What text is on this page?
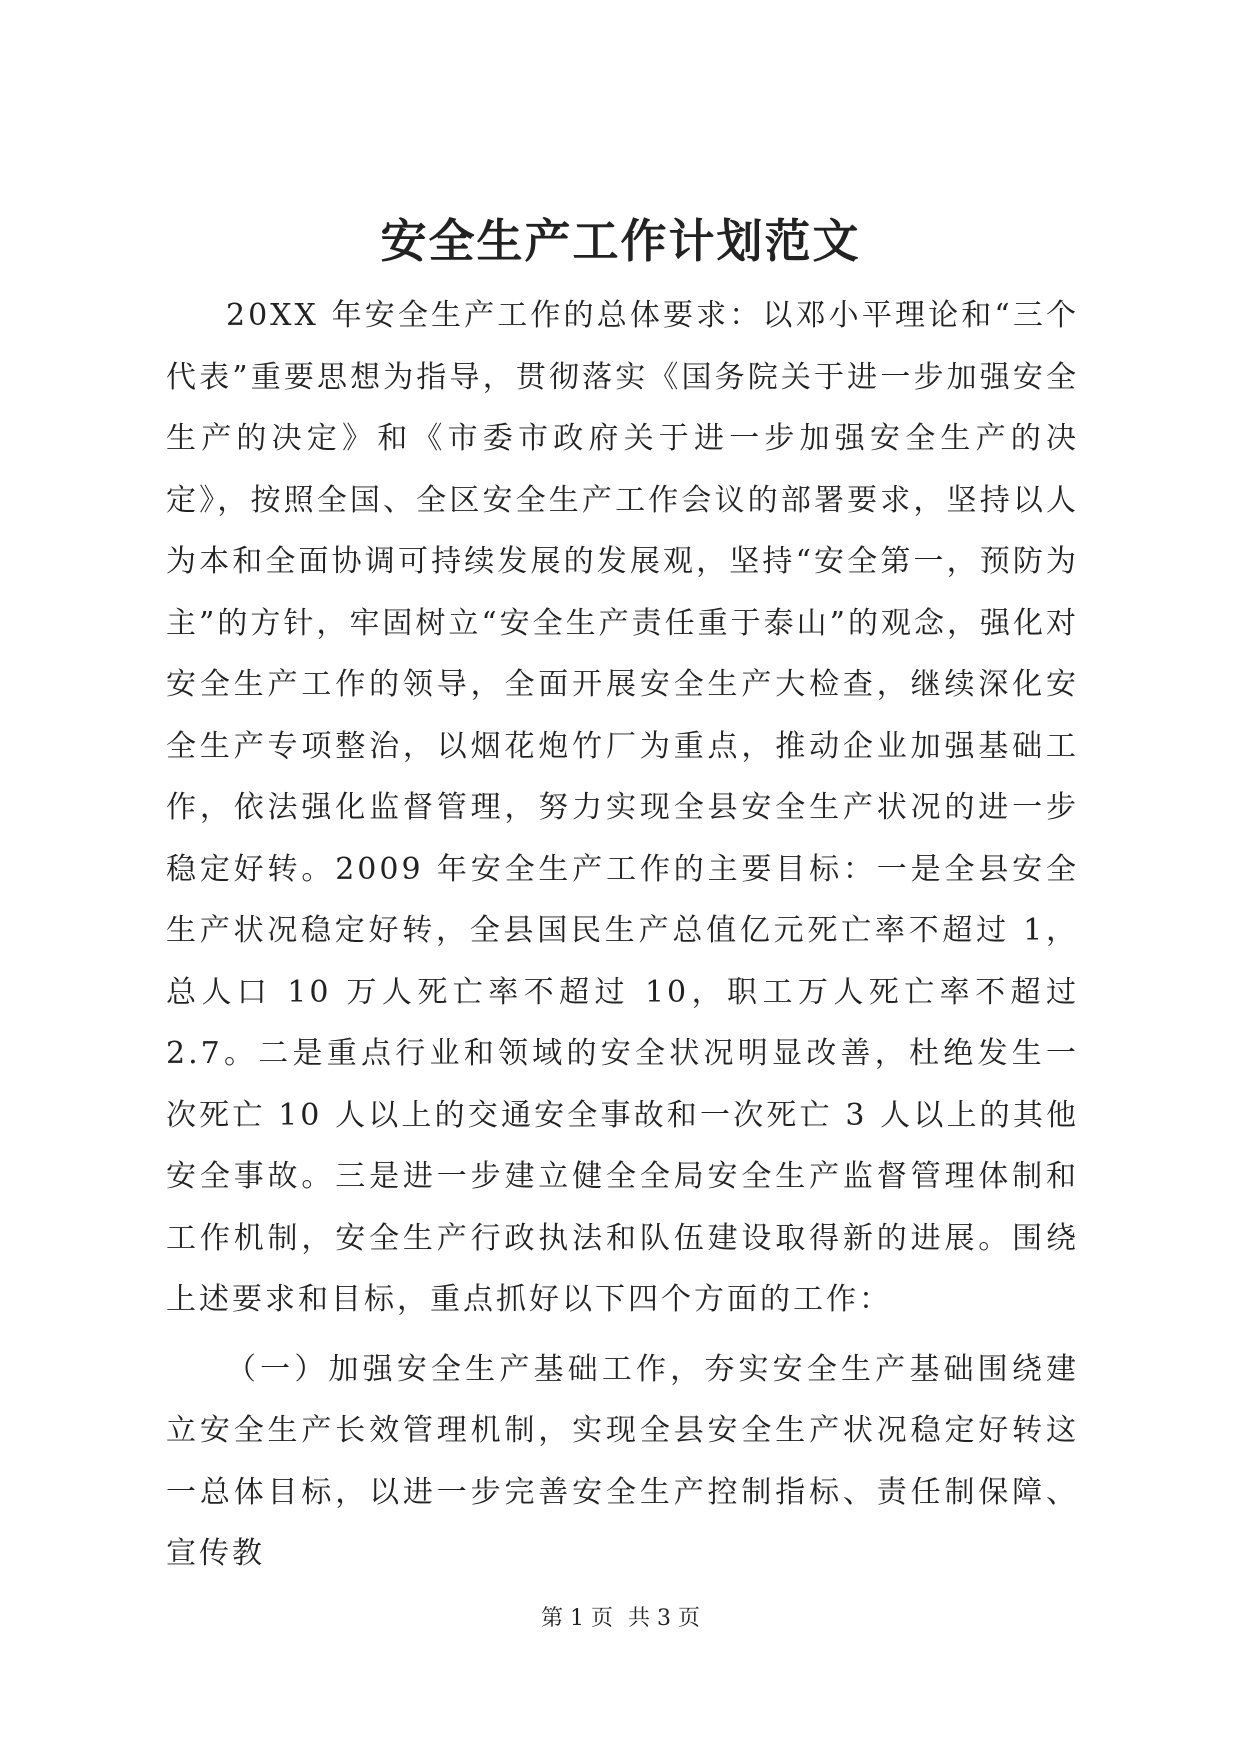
安全生产工作计划范文

20XX 年安全生产工作的总体要求：以邓小平理论和“三个代表”重要思想为指导，贯彻落实《国务院关于进一步加强安全生产的决定》和《市委市政府关于进一步加强安全生产的决定》，按照全国、全区安全生产工作会议的部署要求，坚持以人为本和全面协调可持续发展的发展观，坚持“安全第一，预防为主”的方针，牢固树立“安全生产责任重于泰山”的观念，强化对安全生产工作的领导，全面开展安全生产大检查，继续深化安全生产专项整治，以烟花炮竹厂为重点，推动企业加强基础工作，依法强化监督管理，努力实现全县安全生产状况的进一步稳定好转。2009 年安全生产工作的主要目标：一是全县安全生产状况稳定好转，全县国民生产总值亿元死亡率不超过 1，总人口 10 万人死亡率不超过 10，职工万人死亡率不超过 2.7。二是重点行业和领域的安全状况明显改善，杜绝发生一次死亡 10 人以上的交通安全事故和一次死亡 3 人以上的其他安全事故。三是进一步建立健全全局安全生产监督管理体制和工作机制，安全生产行政执法和队伍建设取得新的进展。围绕上述要求和目标，重点抓好以下四个方面的工作：

（一）加强安全生产基础工作，夯实安全生产基础围绕建立安全生产长效管理机制，实现全县安全生产状况稳定好转这一总体目标，以进一步完善安全生产控制指标、责任制保障、宣传教

第 1 页 共 3 页
